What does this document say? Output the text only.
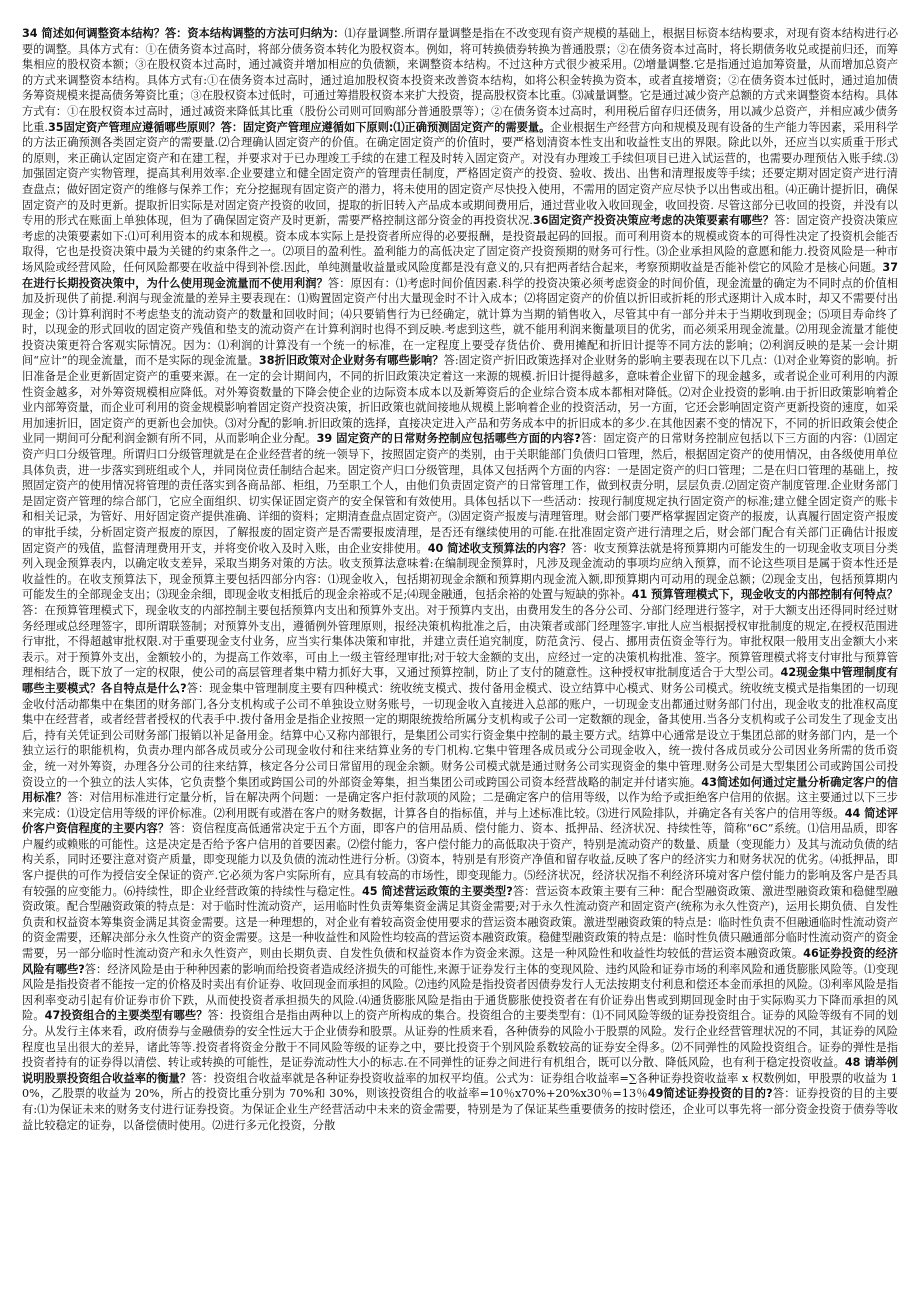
34 简述如何调整资本结构？答：资本结构调整的方法可归纳为：⑴存量调整.所谓存量调整是指在不改变现有资产规模的基础上，根据目标资本结构要求，对现有资本结构进行必要的调整。具体方式有：①在债务资本过高时，将部分债务资本转化为股权资本。例如，将可转换债券转换为普通股票；②在债务资本过高时，将长期债务收兑或提前归还，而筹集相应的股权资本额；③在股权资本过高时，通过减资并增加相应的负债额，来调整资本结构。不过这种方式很少被采用。⑵增量调整.它是指通过追加筹资量，从而增加总资产的方式来调整资本结构。具体方式有:①在债务资本过高时，通过追加股权资本投资来改善资本结构，如将公积金转换为资本，或者直接增资；②在债务资本过低时，通过追加债务筹资规模来提高债务筹资比重；③在股权资本过低时，可通过筹措股权资本来扩大投资，提高股权资本比重。⑶减量调整。它是通过减少资产总额的方式来调整资本结构。具体方式有：①在股权资本过高时，通过减资来降低其比重（股份公司则可回购部分普通股票等）；②在债务资本过高时，利用税后留存归还债务，用以减少总资产，并相应减少债务比重.35固定资产管理应遵循哪些原则？答：固定资产管理应遵循如下原则:⑴正确预测固定资产的需要量。企业根据生产经营方向和规模及现有设备的生产能力等因素，采用科学的方法正确预测各类固定资产的需要量.⑵合理确认固定资产的价值。在确定固定资产的价值时，要严格划清资本性支出和收益性支出的界限。除此以外，还应当以实质重于形式的原则，来正确认定固定资产和在建工程，并要求对于已办理竣工手续的在建工程及时转入固定资产。对没有办理竣工手续但项目已进入试运营的，也需要办理预估入账手续.⑶加强固定资产实物管理，提高其利用效率.企业要建立和健全固定资产的管理责任制度，严格固定资产的投资、验收、拨出、出售和清理报废等手续；还要定期对固定资产进行清查盘点；做好固定资产的维修与保养工作；充分挖掘现有固定资产的潜力，将未使用的固定资产尽快投入使用，不需用的固定资产应尽快予以出售或出租。⑷正确计提折旧，确保固定资产的及时更新。提取折旧实际是对固定资产投资的收回，提取的折旧转入产品成本或期间费用后，通过营业收入收回现金，收回投资. 尽管这部分已收回的投资，并没有以专用的形式在账面上单独体现，但为了确保固定资产及时更新，需要严格控制这部分资金的再投资状况.36固定资产投资决策应考虑的决策要素有哪些？答：固定资产投资决策应考虑的决策要素如下:⑴可利用资本的成本和规模。资本成本实际上是投资者所应得的必要报酬，是投资最起码的回报。而可利用资本的规模或资本的可得性决定了投资机会能否取得，它也是投资决策中最为关键的约束条件之一。⑵项目的盈利性。盈利能力的高低决定了固定资产投资预期的财务可行性。⑶企业承担风险的意愿和能力.投资风险是一种市场风险或经营风险，任何风险都要在收益中得到补偿.因此，单纯测量收益量或风险度都是没有意义的,只有把两者结合起来，考察预期收益是否能补偿它的风险才是核心问题。37 在进行长期投资决策中，为什么使用现金流量而不使用利润？答：原因有：⑴考虑时间价值因素.科学的投资决策必须考虑资金的时间价值，现金流量的确定为不同时点的价值相加及折现供了前提.利润与现金流量的差异主要表现在：⑴购置固定资产付出大量现金时不计入成本；⑵将固定资产的价值以折旧或折耗的形式逐期计入成本时，却又不需要付出现金；⑶计算利润时不考虑垫支的流动资产的数量和回收时间；⑷只要销售行为已经确定，就计算为当期的销售收入，尽管其中有一部分并未于当期收到现金；⑸项目寿命终了时，以现金的形式回收的固定资产残值和垫支的流动资产在计算利润时也得不到反映.考虑到这些，就不能用利润来衡量项目的优劣，而必须采用现金流量。⑵用现金流量才能使投资决策更符合客观实际情况。因为：⑴利润的计算没有一个统一的标准，在一定程度上要受存货估价、费用摊配和折旧计提等不同方法的影响；⑵利润反映的是某一会计期间“应计”的现金流量，而不是实际的现金流量。38折旧政策对企业财务有哪些影响？答:固定资产折旧政策选择对企业财务的影响主要表现在以下几点：⑴对企业筹资的影响。折旧准备是企业更新固定资产的重要来源。在一定的会计期间内，不同的折旧政策决定着这一来源的规模.折旧计提得越多，意味着企业留下的现金越多，或者说企业可利用的内源性资金越多，对外筹资规模相应降低。对外筹资数量的下降会使企业的边际资本成本以及新筹资后的企业综合资本成本都相对降低。⑵对企业投资的影响.由于折旧政策影响着企业内部筹资量，而企业可利用的资金规模影响着固定资产投资决策，折旧政策也就间接地从规模上影响着企业的投资活动，另一方面，它还会影响固定资产更新投资的速度，如采用加速折旧，固定资产的更新也会加快。⑶对分配的影响.折旧政策的选择，直接决定进入产品和劳务成本中的折旧成本的多少.在其他因素不变的情况下，不同的折旧政策会使企业同一期间可分配利润金额有所不同，从而影响企业分配。39 固定资产的日常财务控制应包括哪些方面的内容?答：固定资产的日常财务控制应包括以下三方面的内容：⑴固定资产归口分级管理。所谓归口分级管理就是在企业经营者的统一领导下，按照固定资产的类别，由于关职能部门负债归口管理，然后，根据固定资产的使用情况，由各级使用单位具体负责，进一步落实到班组或个人，并同岗位责任制结合起来。固定资产归口分级管理，具体又包括两个方面的内容：一是固定资产的归口管理；二是在归口管理的基础上，按照固定资产的使用情况将管理的责任落实到各商品部、柜组，乃至职工个人，由他们负责固定资产的日常管理工作，做到权责分明，层层负责.⑵固定资产制度管理.企业财务部门是固定资产管理的综合部门，它应全面组织、切实保证固定资产的安全保管和有效使用。具体包括以下一些活动：按现行制度规定执行固定资产的标准;建立健全固定资产的账卡和相关记录，为管好、用好固定资产提供准确、详细的资料；定期清查盘点固定资产。⑶固定资产报废与清理管理。财会部门要严格掌握固定资产的报废，认真履行固定资产报废的审批手续，分析固定资产报废的原因，了解报废的固定资产是否需要报废清理，是否还有继续使用的可能.在批准固定资产进行清理之后，财会部门配合有关部门正确估计报废固定资产的残值，监督清理费用开支，并将变价收入及时入账，由企业安排使用。40 简述收支预算法的内容？答：收支预算法就是将预算期内可能发生的一切现金收支项目分类列入现金预算表内，以确定收支差异，采取当期务对策的方法。收支预算法意味着:在编制现金预算时，凡涉及现金流动的事项均应纳入预算，而不论这些项目是属于资本性还是收益性的。在收支预算法下，现金预算主要包括四部分内容：⑴现金收入，包括期初现金余额和预算期内现金流入额,即预算期内可动用的现金总额；⑵现金支出，包括预算期内可能发生的全部现金支出；⑶现金余细，即现金收支相抵后的现金余裕或不足;⑷现金融通，包括余裕的处置与短缺的弥补。41 预算管理模式下，现金收支的内部控制有何特点？答：在预算管理模式下，现金收支的内部控制主要包括预算内支出和预算外支出。对于预算内支出，由费用发生的各分公司、分部门经理进行签字，对于大额支出还得同时经过财务经理或总经理签字，即所谓联签制；对预算外支出，遵循例外管理原则，报经决策机构批准之后，由决策者或部门经理签字.审批人应当根据授权审批制度的规定,在授权范围进行审批，不得超越审批权限.对于重要现金支付业务，应当实行集体决策和审批，并建立责任追究制度，防范贪污、侵占、挪用责伍资金等行为。审批权限一般用支出金额大小来表示。对于预算外支出，金额较小的，为提高工作效率，可由上一级主管经理审批;对于较大金额的支出，应经过一定的决策机构批准、签字。预算管理模式将支付审批与预算管理相结合，既下放了一定的权限，使公司的高层管理者集中精力抓好大事，又通过预算控制，防止了支付的随意性。这种授权审批制度适合于大型公司。42现金集中管理制度有哪些主要模式？各自特点是什么?答：现金集中管理制度主要有四种模式：统收统支模式、拨付备用金模式、设立结算中心模式、财务公司模式。统收统支模式是指集团的一切现金收付活动都集中在集团的财务部门,各分支机构或子公司不单独设立财务账号，一切现金收入直接进入总部的账户，一切现金支出都通过财务部门付出，现金收支的批准权高度集中在经营者，或者经营者授权的代表手中.拨付备用金是指企业按照一定的期限统拨给所属分支机构或子公司一定数额的现金，备其使用.当各分支机构或子公司发生了现金支出后，持有关凭证到公司财务部门报销以补足备用金。结算中心又称内部银行，是集团公司实行资金集中控制的最主要方式。结算中心通常是设立于集团总部的财务部门内，是一个独立运行的职能机构，负责办理内部各成员或分公司现金收付和往来结算业务的专门机构.它集中管理各成员或分公司现金收入，统一拨付各成员或分公司因业务所需的货币资金，统一对外筹资，办理各分公司的往来结算，核定各分公司日常留用的现金余额。财务公司模式就是通过财务公司实现资金的集中管理.财务公司是大型集团公司或跨国公司投资设立的一个独立的法人实体，它负责整个集团或跨国公司的外部资金筹集，担当集团公司或跨国公司资本经营战略的制定并付诸实施。43简述如何通过定量分析确定客户的信用标准？答：对信用标准进行定量分析，旨在解决两个问题：一是确定客户拒付款项的风险；二是确定客户的信用等级，以作为给予或拒绝客户信用的依据。这主要通过以下三步来完成：⑴设定信用等级的评价标准。⑵利用既有或潜在客户的财务数据，计算各自的指标值，并与上述标准比较。⑶进行风险排队，并确定各有关客户的信用等级。44 简述评价客户资信程度的主要内容？答：资信程度高低通常决定于五个方面，即客户的信用品质、偿付能力、资本、抵押品、经济状况、持续性等，简称“6C”系统。⑴信用品质，即客户履约或赖账的可能性。这是决定是否给予客户信用的首要因素。⑵偿付能力，客户偿付能力的高低取决于资产，特别是流动资产的数量、质量（变现能力）及其与流动负债的结构关系，同时还要注意对资产质量，即变现能力以及负债的流动性进行分析。⑶资本，特别是有形资产净值和留存收益,反映了客户的经济实力和财务状况的优劣。⑷抵押品，即客户提供的可作为授信安全保证的资产.它必须为客户实际所有，应具有较高的市场性，即变现能力。⑸经济状况，经济状况指不利经济环境对客户偿付能力的影响及客户是否具有较强的应变能力。⑹持续性，即企业经营政策的持续性与稳定性。45 简述营运政策的主要类型?答：营运资本政策主要有三种：配合型融资政策、激进型融资政策和稳健型融资政策。配合型融资政策的特点是：对于临时性流动资产，运用临时性负责筹集资金满足其资金需要;对于永久性流动资产和固定资产(统称为永久性资产)，运用长期负债、自发性负责和权益资本筹集资金满足其资金需要。这是一种理想的，对企业有着较高资金使用要求的营运资本融资政策。激进型融资政策的特点是：临时性负责不但融通临时性流动资产的资金需要，还解决部分永久性资产的资金需要。这是一种收益性和风险性均较高的营运资本融资政策。稳健型融资政策的特点是：临时性负债只融通部分临时性流动资产的资金需要，另一部分临时性流动资产和永久性资产，则由长期负责、自发性负债和权益资本作为资金来源。这是一种风险性和收益性均较低的营运资本融资政策。46证券投资的经济风险有哪些?答：经济风险是由于种种因素的影响而给投资者造成经济损失的可能性,来源于证券发行主体的变现风险、违约风险和证券市场的利率风险和通货膨胀风险等。⑴变现风险是指投资者不能按一定的价格及时卖出有价证券、收回现金而承担的风险。⑵违约风险是指投资者因债券发行人无法按期支付利息和偿还本金而承担的风险。⑶利率风险是指因利率变动引起有价证券市价下跌，从而使投资者承担损失的风险.⑷通货膨胀风险是指由于通货膨胀使投资者在有价证券出售或到期回现金时由于实际购买力下降而承担的风险。47投资组合的主要类型有哪些？答：投资组合是指由两种以上的资产所构成的集合。投资组合的主要类型有：⑴不同风险等级的证券投资组合。证券的风险等级有不同的划分。从发行主体来看，政府债券与金融债券的安全性远大于企业债券和股票。从证券的性质来看，各种债券的风险小于股票的风险。发行企业经营管理状况的不同，其证券的风险程度也呈出很大的差异，诸此等等.投资者将资金分散于不同风险等级的证券之中，要比投资于个别风险系数较高的证券安全得多。⑵不同弹性的风险投资组合。证券的弹性是指投资者持有的证券得以清偿、转让或转换的可能性，是证券流动性大小的标志.在不同弹性的证券之间进行有机组合，既可以分散、降低风险，也有利于稳定投资收益。48 请举例说明股票投资组合收益率的衡量？答：投资组合收益率就是各种证券投资收益率的加权平均值。公式为：证券组合收益率=∑各种证券投资收益率 x 权数例如，甲股票的收益为 10%，乙股票的收益为 20%，所占的投资比重分别为 70%和 30%，则该投资组合的收益率=10％x70%+20%x30％=13％49简述证券投资的目的?答：证券投资的目的主要有:⑴为保证未来的财务支付进行证券投资。为保证企业生产经营活动中未来的资金需要，特别是为了保证某些重要债务的按时偿还，企业可以事先将一部分资金投资于债券等收益比较稳定的证券，以备偿债时使用。⑵进行多元化投资，分散
